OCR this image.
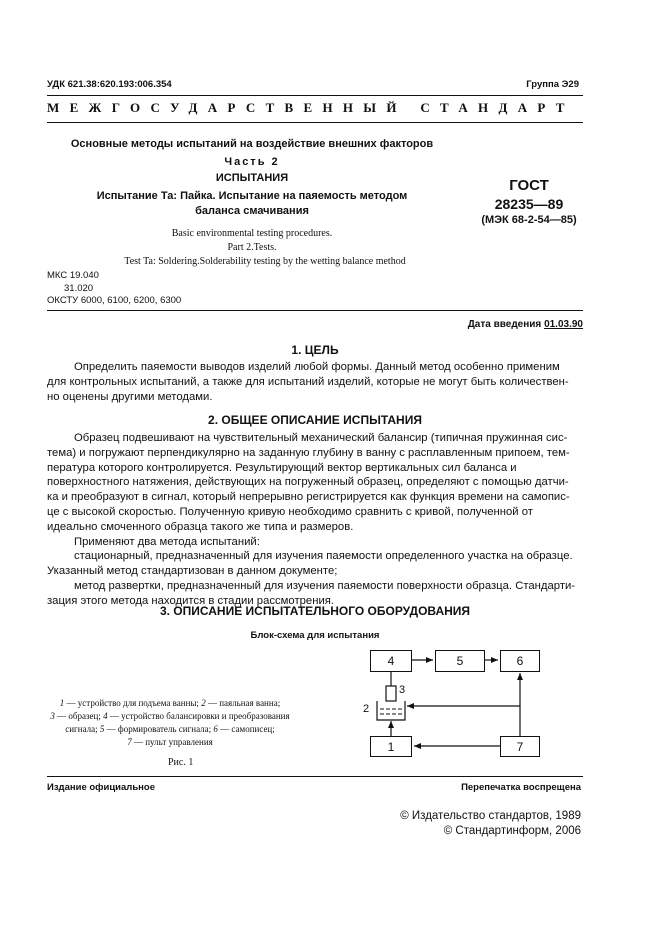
УДК 621.38:620.193:006.354	Группа Э29
МЕЖГОСУДАРСТВЕННЫЙ СТАНДАРТ
Основные методы испытаний на воздействие внешних факторов
Часть 2
ИСПЫТАНИЯ
Испытание Та: Пайка. Испытание на паяемость методом
баланса смачивания
Basic environmental testing procedures.
Part 2.Tests.
Test Ta: Soldering.Solderability testing by the wetting balance method
ГОСТ
28235—89
(МЭК 68-2-54—85)
МКС 19.040
31.020
ОКСТУ 6000, 6100, 6200, 6300
Дата введения 01.03.90
1. ЦЕЛЬ
Определить паяемости выводов изделий любой формы. Данный метод особенно применим
для контрольных испытаний, а также для испытаний изделий, которые не могут быть количествен-
но оценены другими методами.
2. ОБЩЕЕ ОПИСАНИЕ ИСПЫТАНИЯ
Образец подвешивают на чувствительный механический балансир (типичная пружинная сис-
тема) и погружают перпендикулярно на заданную глубину в ванну с расплавленным припоем, тем-
пература которого контролируется. Результирующий вектор вертикальных сил баланса и
поверхностного натяжения, действующих на погруженный образец, определяют с помощью датчи-
ка и преобразуют в сигнал, который непрерывно регистрируется как функция времени на самопис-
це с высокой скоростью. Полученную кривую необходимо сравнить с кривой, полученной от
идеально смоченного образца такого же типа и размеров.
Применяют два метода испытаний:
стационарный, предназначенный для изучения паяемости определенного участка на образце.
Указанный метод стандартизован в данном документе;
метод развертки, предназначенный для изучения паяемости поверхности образца. Стандарти-
зация этого метода находится в стадии рассмотрения.
3. ОПИСАНИЕ ИСПЫТАТЕЛЬНОГО ОБОРУДОВАНИЯ
Блок-схема для испытания
1 — устройство для подъема ванны; 2 — паяльная ванна;
3 — образец; 4 — устройство балансировки и преобразования
сигнала; 5 — формирователь сигнала; 6 — самописец;
7 — пульт управления
Рис. 1
4	5	6
1	7
3
2
Издание официальное	Перепечатка воспрещена
© Издательство стандартов, 1989
© Стандартинформ, 2006
